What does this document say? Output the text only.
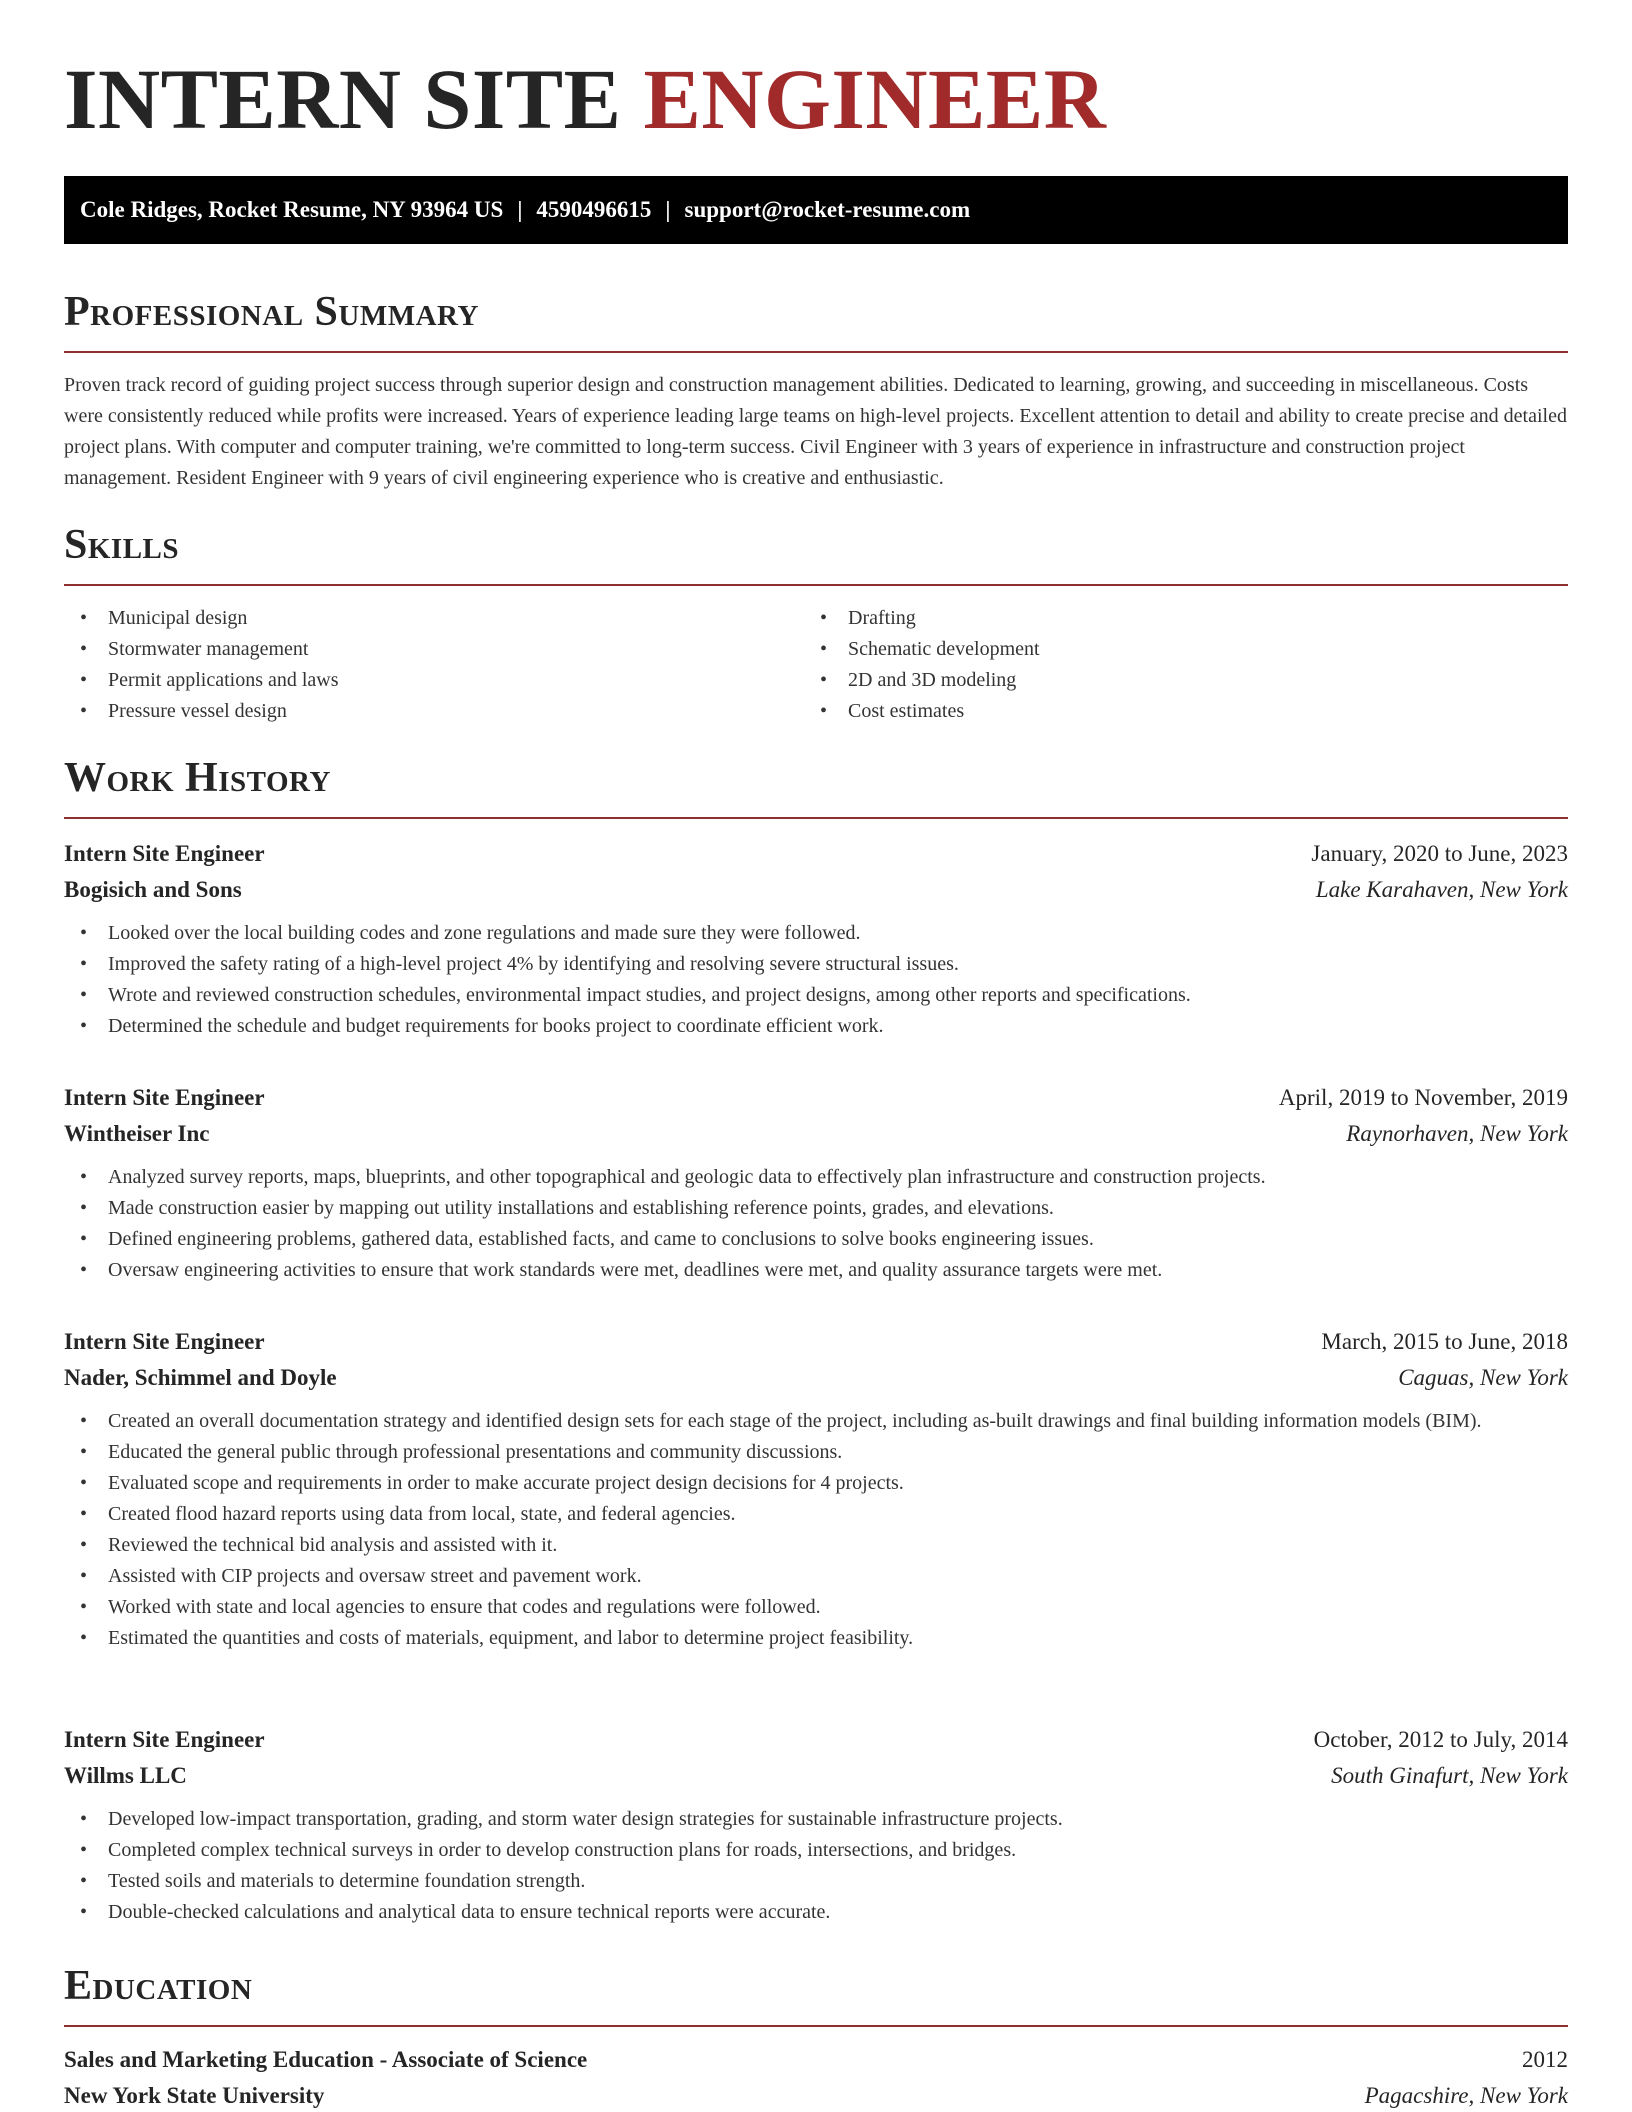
INTERN SITE ENGINEER
Cole Ridges, Rocket Resume, NY 93964 US | 4590496615 | support@rocket-resume.com
Professional Summary

Proven track record of guiding project success through superior design and construction management abilities. Dedicated to learning, growing, and succeeding in miscellaneous. Costs were consistently reduced while profits were increased. Years of experience leading large teams on high-level projects. Excellent attention to detail and ability to create precise and detailed project plans. With computer and computer training, we're committed to long-term success. Civil Engineer with 3 years of experience in infrastructure and construction project management. Resident Engineer with 9 years of civil engineering experience who is creative and enthusiastic.

Skills
• Municipal design
• Stormwater management
• Permit applications and laws
• Pressure vessel design
• Drafting
• Schematic development
• 2D and 3D modeling
• Cost estimates
Work History
Intern Site Engineer	January, 2020 to June, 2023
Bogisich and Sons	Lake Karahaven, New York
• Looked over the local building codes and zone regulations and made sure they were followed.
• Improved the safety rating of a high-level project 4% by identifying and resolving severe structural issues.
• Wrote and reviewed construction schedules, environmental impact studies, and project designs, among other reports and specifications.
• Determined the schedule and budget requirements for books project to coordinate efficient work.
Intern Site Engineer	April, 2019 to November, 2019
Wintheiser Inc	Raynorhaven, New York
• Analyzed survey reports, maps, blueprints, and other topographical and geologic data to effectively plan infrastructure and construction projects.
• Made construction easier by mapping out utility installations and establishing reference points, grades, and elevations.
• Defined engineering problems, gathered data, established facts, and came to conclusions to solve books engineering issues.
• Oversaw engineering activities to ensure that work standards were met, deadlines were met, and quality assurance targets were met.
Intern Site Engineer	March, 2015 to June, 2018
Nader, Schimmel and Doyle	Caguas, New York
• Created an overall documentation strategy and identified design sets for each stage of the project, including as-built drawings and final building information models (BIM).
• Educated the general public through professional presentations and community discussions.
• Evaluated scope and requirements in order to make accurate project design decisions for 4 projects.
• Created flood hazard reports using data from local, state, and federal agencies.
• Reviewed the technical bid analysis and assisted with it.
• Assisted with CIP projects and oversaw street and pavement work.
• Worked with state and local agencies to ensure that codes and regulations were followed.
• Estimated the quantities and costs of materials, equipment, and labor to determine project feasibility.
Intern Site Engineer	October, 2012 to July, 2014
Willms LLC	South Ginafurt, New York
• Developed low-impact transportation, grading, and storm water design strategies for sustainable infrastructure projects.
• Completed complex technical surveys in order to develop construction plans for roads, intersections, and bridges.
• Tested soils and materials to determine foundation strength.
• Double-checked calculations and analytical data to ensure technical reports were accurate.
Education
Sales and Marketing Education - Associate of Science	2012
New York State University	Pagacshire, New York
